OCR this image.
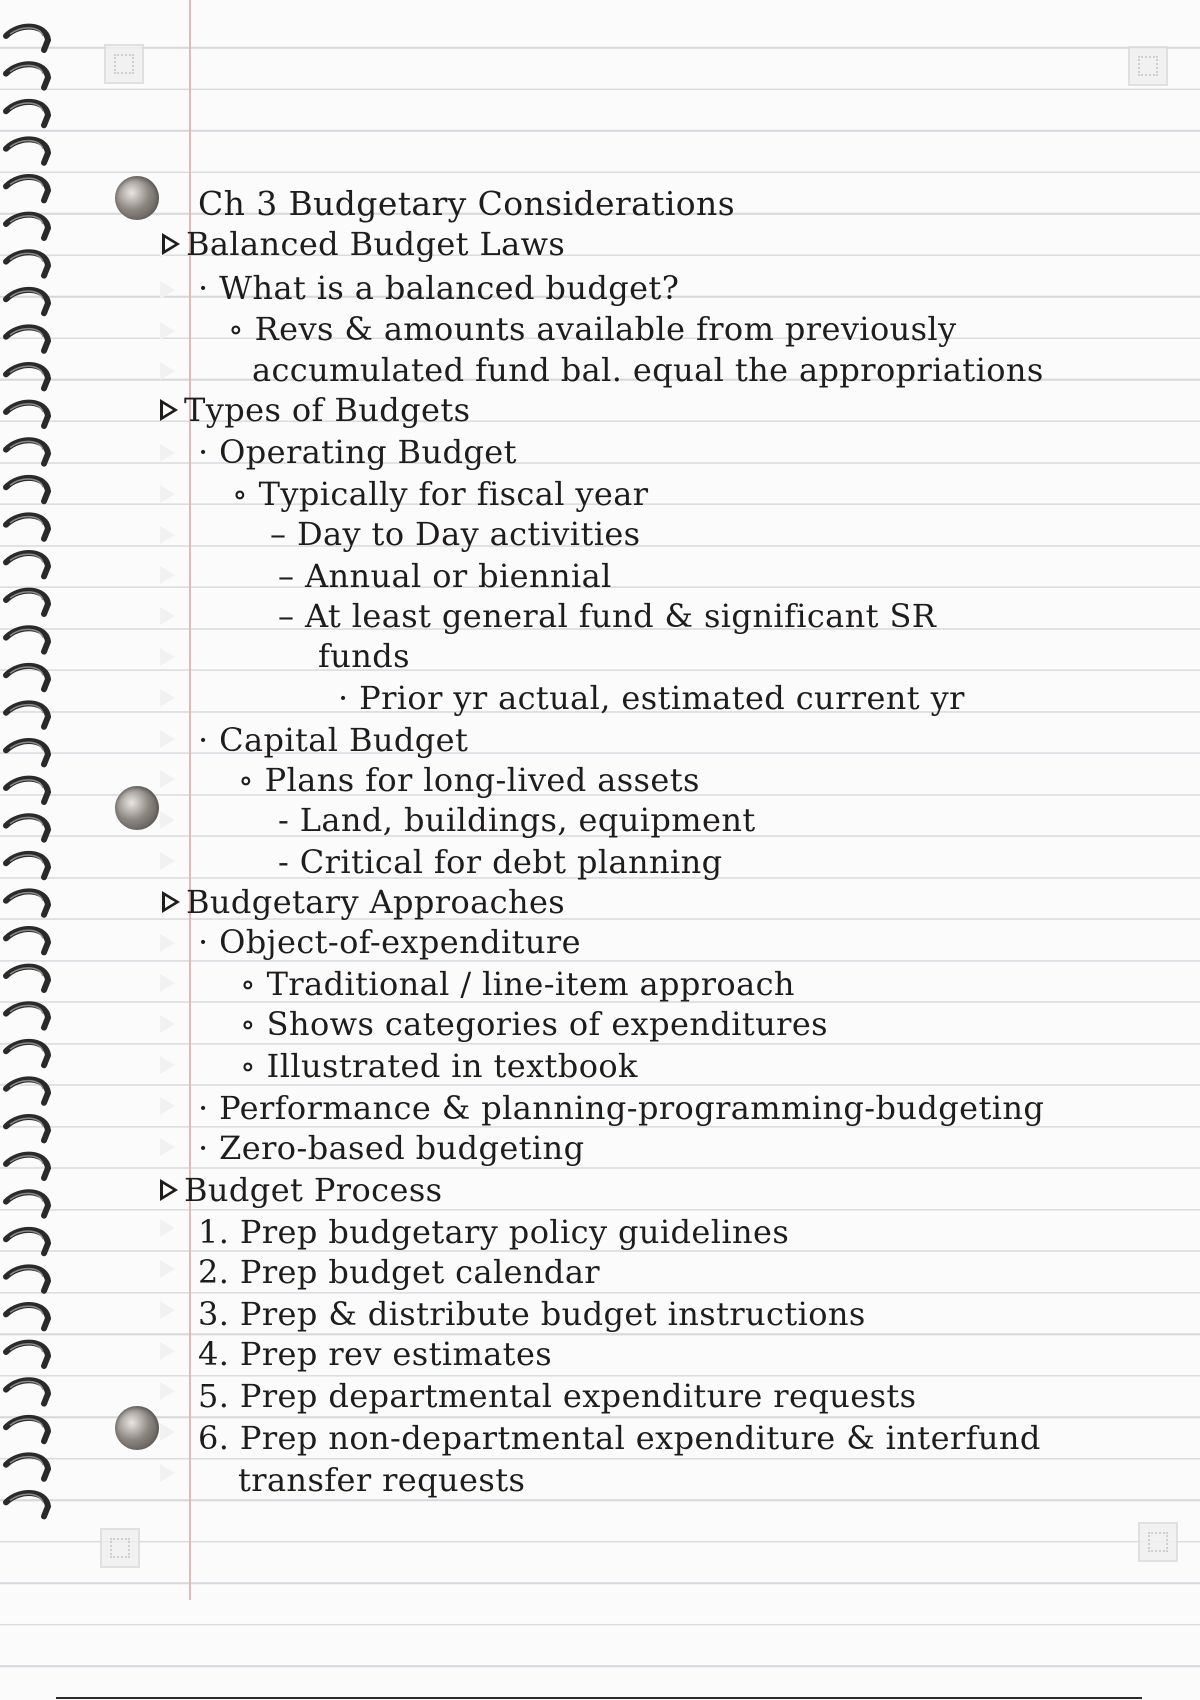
Ch 3 Budgetary Considerations
Balanced Budget Laws
· What is a balanced budget?
∘ Revs & amounts available from previously
accumulated fund bal. equal the appropriations
Types of Budgets
· Operating Budget
∘ Typically for fiscal year
– Day to Day activities
– Annual or biennial
– At least general fund & significant SR
funds
· Prior yr actual, estimated current yr
· Capital Budget
∘ Plans for long-lived assets
- Land, buildings, equipment
- Critical for debt planning
Budgetary Approaches
· Object-of-expenditure
∘ Traditional / line-item approach
∘ Shows categories of expenditures
∘ Illustrated in textbook
· Performance & planning-programming-budgeting
· Zero-based budgeting
Budget Process
1. Prep budgetary policy guidelines
2. Prep budget calendar
3. Prep & distribute budget instructions
4. Prep rev estimates
5. Prep departmental expenditure requests
6. Prep non-departmental expenditure & interfund
transfer requests
